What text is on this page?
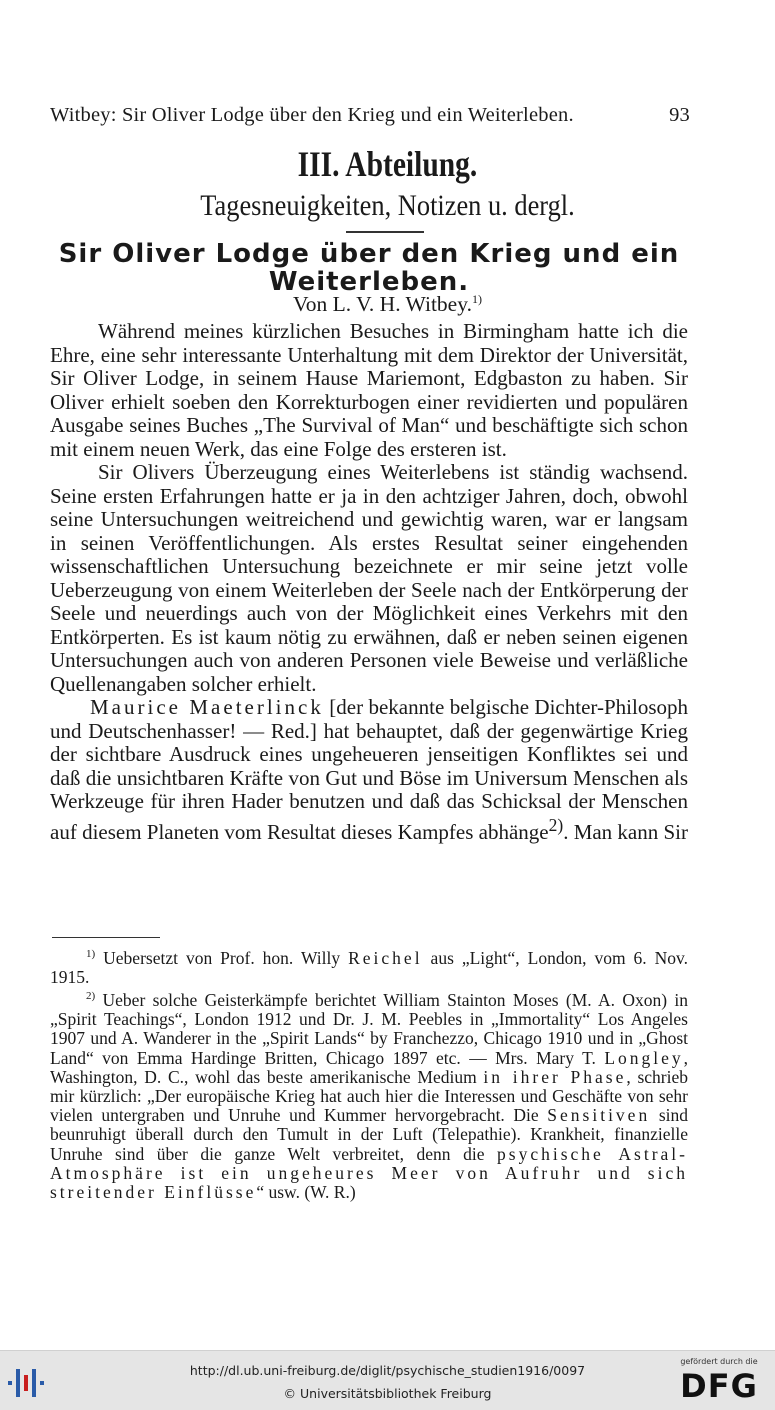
Witbey: Sir Oliver Lodge über den Krieg und ein Weiterleben.	93
III. Abteilung.
Tagesneuigkeiten, Notizen u. dergl.
Sir Oliver Lodge über den Krieg und ein Weiterleben.
Von L. V. H. Witbey.$^{1)}$

Während meines kürzlichen Besuches in Birmingham hatte ich die Ehre, eine sehr interessante Unterhaltung mit dem Direktor der Universität, Sir Oliver Lodge, in seinem Hause Mariemont, Edgbaston zu haben. Sir Oliver erhielt soeben den Korrekturbogen einer revidierten und populären Ausgabe seines Buches „The Survival of Man“ und beschäftigte sich schon mit einem neuen Werk, das eine Folge des ersteren ist.

Sir Olivers Überzeugung eines Weiterlebens ist ständig wachsend. Seine ersten Erfahrungen hatte er ja in den achtziger Jahren, doch, obwohl seine Untersuchungen weitreichend und gewichtig waren, war er langsam in seinen Veröffentlichungen. Als erstes Resultat seiner eingehenden wissenschaftlichen Untersuchung bezeichnete er mir seine jetzt volle Ueberzeugung von einem Weiterleben der Seele nach der Entkörperung der Seele und neuerdings auch von der Möglichkeit eines Verkehrs mit den Entkörperten. Es ist kaum nötig zu erwähnen, daß er neben seinen eigenen Untersuchungen auch von anderen Personen viele Beweise und verläßliche Quellenangaben solcher erhielt.

Maurice Maeterlinck [der bekannte belgische Dichter-Philosoph und Deutschenhasser! — Red.] hat behauptet, daß der gegenwärtige Krieg der sichtbare Ausdruck eines ungeheueren jenseitigen Konfliktes sei und daß die unsichtbaren Kräfte von Gut und Böse im Universum Menschen als Werkzeuge für ihren Hader benutzen und daß das Schicksal der Menschen auf diesem Planeten vom Resultat dieses Kampfes abhänge$^{2)}$. Man kann Sir

$^{1)}$ Uebersetzt von Prof. hon. Willy Reichel aus „Light“, London, vom 6. Nov. 1915.

$^{2)}$ Ueber solche Geisterkämpfe berichtet William Stainton Moses (M. A. Oxon) in „Spirit Teachings“, London 1912 und Dr. J. M. Peebles in „Immortality“ Los Angeles 1907 und A. Wanderer in the „Spirit Lands“ by Franchezzo, Chicago 1910 und in „Ghost Land“ von Emma Hardinge Britten, Chicago 1897 etc. — Mrs. Mary T. Longley, Washington, D. C., wohl das beste amerikanische Medium in ihrer Phase, schrieb mir kürzlich: „Der europäische Krieg hat auch hier die Interessen und Geschäfte von sehr vielen untergraben und Unruhe und Kummer hervorgebracht. Die Sensitiven sind beunruhigt überall durch den Tumult in der Luft (Telepathie). Krankheit, finanzielle Unruhe sind über die ganze Welt verbreitet, denn die psychische Astral-Atmosphäre ist ein ungeheures Meer von Aufruhr und sich streitender Einflüsse“ usw. (W. R.)

http://dl.ub.uni-freiburg.de/diglit/psychische_studien1916/0097
© Universitätsbibliothek Freiburg
gefördert durch die
DFG
